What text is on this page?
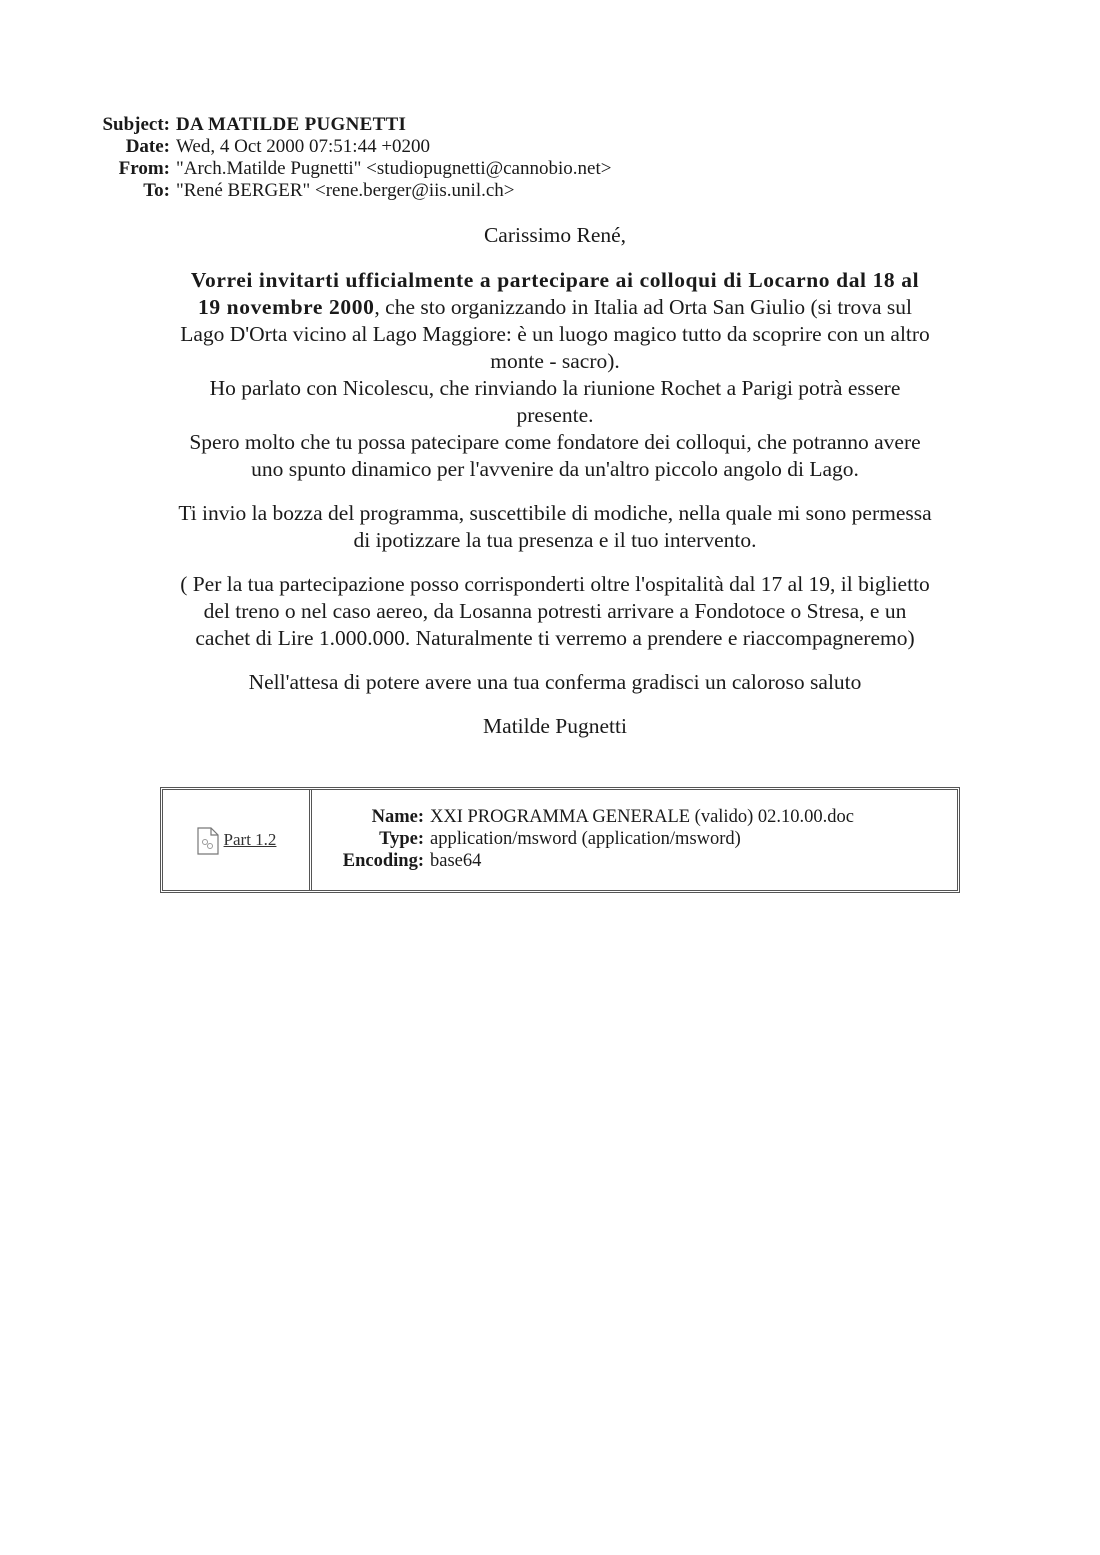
Subject: DA MATILDE PUGNETTI
Date: Wed, 4 Oct 2000 07:51:44 +0200
From: "Arch.Matilde Pugnetti" <studiopugnetti@cannobio.net>
To: "René BERGER" <rene.berger@iis.unil.ch>

Carissimo René,

Vorrei invitarti ufficialmente a partecipare ai colloqui di Locarno dal 18 al
19 novembre 2000, che sto organizzando in Italia ad Orta San Giulio (si trova sul
Lago D'Orta vicino al Lago Maggiore: è un luogo magico tutto da scoprire con un altro
monte - sacro).

Ho parlato con Nicolescu, che rinviando la riunione Rochet a Parigi potrà essere
presente.

Spero molto che tu possa patecipare come fondatore dei colloqui, che potranno avere
uno spunto dinamico per l'avvenire da un'altro piccolo angolo di Lago.

Ti invio la bozza del programma, suscettibile di modiche, nella quale mi sono permessa
di ipotizzare la tua presenza e il tuo intervento.

( Per la tua partecipazione posso corrisponderti oltre l'ospitalità dal 17 al 19, il biglietto
del treno o nel caso aereo, da Losanna potresti arrivare a Fondotoce o Stresa, e un
cachet di Lire 1.000.000. Naturalmente ti verremo a prendere e riaccompagneremo)

Nell'attesa di potere avere una tua conferma gradisci un caloroso saluto

Matilde Pugnetti

Part 1.2
Name: XXI PROGRAMMA GENERALE (valido) 02.10.00.doc
Type: application/msword (application/msword)
Encoding: base64
